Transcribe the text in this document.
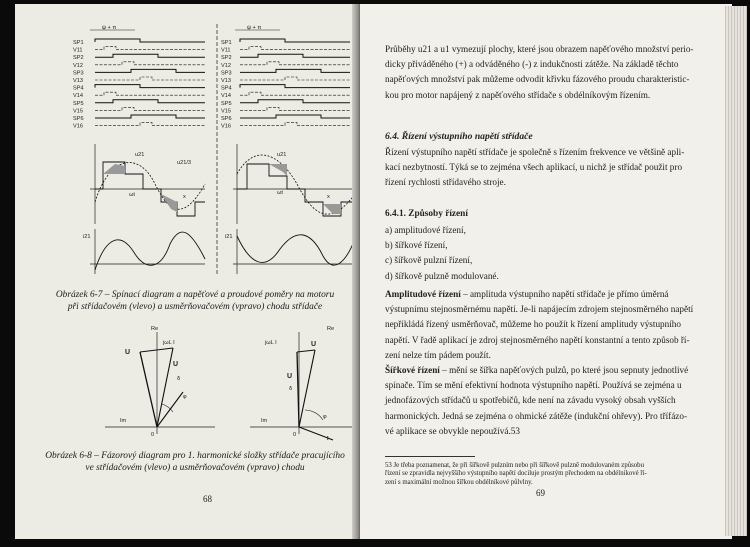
SP1
V11
SP2
V12
SP3
V13
SP4
V14
SP5
V15
SP6
V16
SP1
V11
SP2
V12
SP3
V13
SP4
V14
SP5
V15
SP6
V16
ψ + π	ψ + π
u21
u21/3
ωt	x
i21
u21
ωt
x
i21
Obrázek 6-7 – Spínací diagram a napěťové a proudové poměry na motoru při střídačovém (vlevo) a usměrňovačovém (vpravo) chodu střídače
Re
jωL I
U
U
δ
φ
Im
0
Re
jωL I	U
U
δ
φ
Im
0
I
Obrázek 6-8 – Fázorový diagram pro 1. harmonické složky střídače pracujícího ve střídačovém (vlevo) a usměrňovačovém (vpravo) chodu
68
Průběhy u21 a u1 vymezují plochy, které jsou obrazem napěťového množství perio-
dicky přiváděného (+) a odváděného (-) z indukčnosti zátěže. Na základě těchto
napěťových množství pak můžeme odvodit křivku fázového proudu charakteristic-
kou pro motor napájený z napěťového střídače s obdélníkovým řízením.
6.4. Řízení výstupního napětí střídače
Řízení výstupního napětí střídače je společně s řízením frekvence ve většině apli-
kací nezbytností. Týká se to zejména všech aplikací, u nichž je střídač použit pro
řízení rychlosti střídavého stroje.
6.4.1. Způsoby řízení
a) amplitudové řízení,
b) šířkové řízení,
c) šířkově pulzní řízení,
d) šířkově pulzně modulované.
Amplitudové řízení – amplituda výstupního napětí střídače je přímo úměrná
výstupnímu stejnosměrnému napětí. Je-li napájecím zdrojem stejnosměrného napětí
nepřikládá řízený usměrňovač, můžeme ho použít k řízení amplitudy výstupního
napětí. V řadě aplikací je zdroj stejnosměrného napětí konstantní a tento způsob ří-
zení nelze tím pádem použít.
Šířkové řízení – mění se šířka napěťových pulzů, po které jsou sepnuty jednotlivé
spínače. Tím se mění efektivní hodnota výstupního napětí. Používá se zejména u
jednofázových střídačů u spotřebičů, kde není na závadu vysoký obsah vyšších
harmonických. Jedná se zejména o ohmické zátěže (indukční ohřevy). Pro třífázo-
vé aplikace se obvykle nepoužívá.53
53 Je třeba poznamenat, že při šířkově pulzním nebo při šířkově pulzně modulovaném způsobu
řízení se zpravidla nejvyššího výstupního napětí dociluje prostým přechodem na obdélníkové ří-
zení s maximální možnou šířkou obdélníkové půlvlny.
69
